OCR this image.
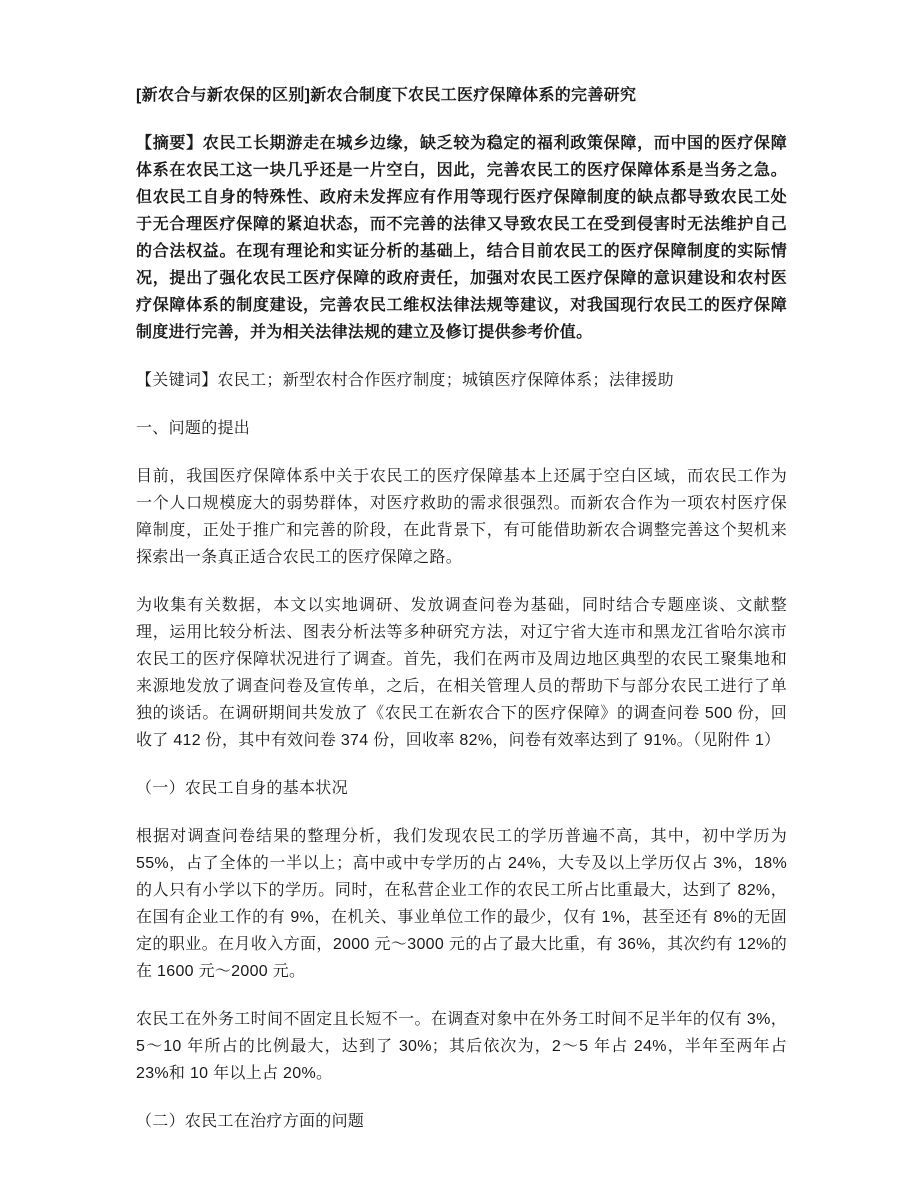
[新农合与新农保的区别]新农合制度下农民工医疗保障体系的完善研究

【摘要】农民工长期游走在城乡边缘，缺乏较为稳定的福利政策保障，而中国的医疗保障体系在农民工这一块几乎还是一片空白，因此，完善农民工的医疗保障体系是当务之急。但农民工自身的特殊性、政府未发挥应有作用等现行医疗保障制度的缺点都导致农民工处于无合理医疗保障的紧迫状态，而不完善的法律又导致农民工在受到侵害时无法维护自己的合法权益。在现有理论和实证分析的基础上，结合目前农民工的医疗保障制度的实际情况，提出了强化农民工医疗保障的政府责任，加强对农民工医疗保障的意识建设和农村医疗保障体系的制度建设，完善农民工维权法律法规等建议，对我国现行农民工的医疗保障制度进行完善，并为相关法律法规的建立及修订提供参考价值。

【关键词】农民工；新型农村合作医疗制度；城镇医疗保障体系；法律援助

一、问题的提出

目前，我国医疗保障体系中关于农民工的医疗保障基本上还属于空白区域，而农民工作为一个人口规模庞大的弱势群体，对医疗救助的需求很强烈。而新农合作为一项农村医疗保障制度，正处于推广和完善的阶段，在此背景下，有可能借助新农合调整完善这个契机来探索出一条真正适合农民工的医疗保障之路。

为收集有关数据，本文以实地调研、发放调查问卷为基础，同时结合专题座谈、文献整理，运用比较分析法、图表分析法等多种研究方法，对辽宁省大连市和黑龙江省哈尔滨市农民工的医疗保障状况进行了调查。首先，我们在两市及周边地区典型的农民工聚集地和来源地发放了调查问卷及宣传单，之后，在相关管理人员的帮助下与部分农民工进行了单独的谈话。在调研期间共发放了《农民工在新农合下的医疗保障》的调查问卷 500 份，回收了 412 份，其中有效问卷 374 份，回收率 82%，问卷有效率达到了 91%。（见附件 1）

（一）农民工自身的基本状况

根据对调查问卷结果的整理分析，我们发现农民工的学历普遍不高，其中，初中学历为 55%，占了全体的一半以上；高中或中专学历的占 24%，大专及以上学历仅占 3%，18%的人只有小学以下的学历。同时，在私营企业工作的农民工所占比重最大，达到了 82%，在国有企业工作的有 9%，在机关、事业单位工作的最少，仅有 1%，甚至还有 8%的无固定的职业。在月收入方面，2000 元～3000 元的占了最大比重，有 36%，其次约有 12%的在 1600 元～2000 元。

农民工在外务工时间不固定且长短不一。在调查对象中在外务工时间不足半年的仅有 3%，5～10 年所占的比例最大，达到了 30%；其后依次为，2～5 年占 24%，半年至两年占 23%和 10 年以上占 20%。

（二）农民工在治疗方面的问题
